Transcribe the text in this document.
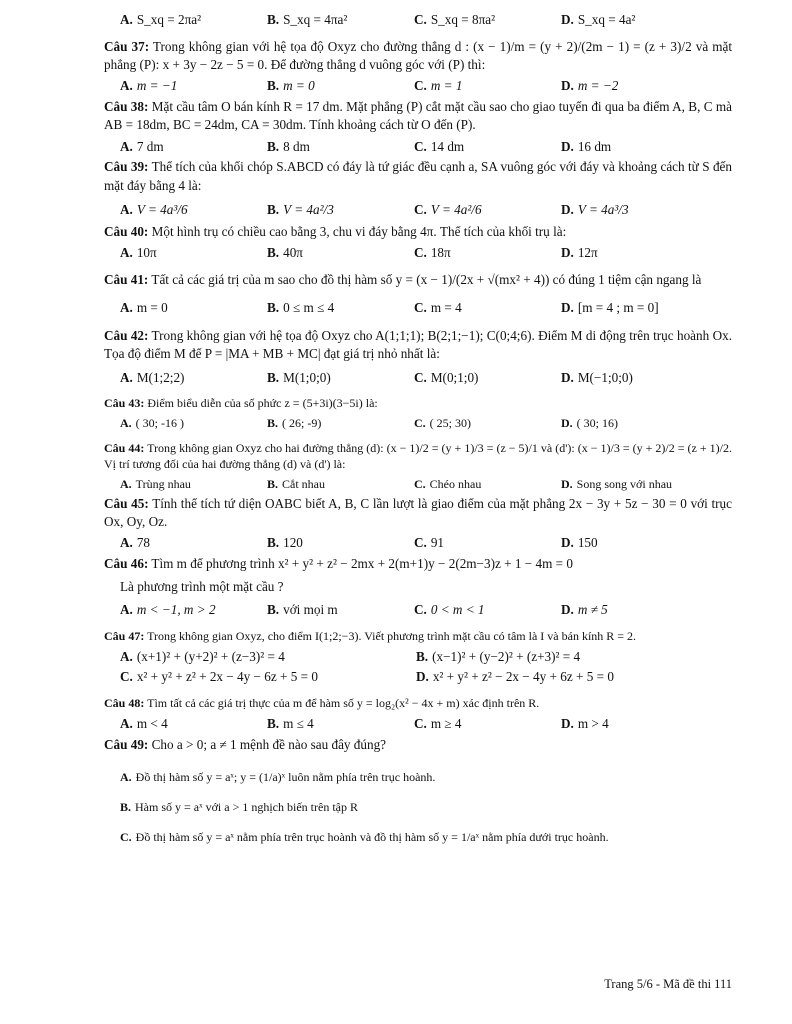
A. S_xq = 2πa²	B. S_xq = 4πa²	C. S_xq = 8πa²	D. S_xq = 4a²
Câu 37: Trong không gian với hệ tọa độ Oxyz cho đường thẳng d : (x − 1)/m = (y + 2)/(2m − 1) = (z + 3)/2 và mặt phẳng (P): x + 3y − 2z − 5 = 0. Để đường thẳng d vuông góc với (P) thì:
A. m = −1	B. m = 0	C. m = 1	D. m = −2
Câu 38: Mặt cầu tâm O bán kính R = 17 dm. Mặt phẳng (P) cắt mặt cầu sao cho giao tuyến đi qua ba điểm A, B, C mà AB = 18dm, BC = 24dm, CA = 30dm. Tính khoảng cách từ O đến (P).
A. 7 dm	B. 8 dm	C. 14 dm	D. 16 dm
Câu 39: Thể tích của khối chóp S.ABCD có đáy là tứ giác đều cạnh a, SA vuông góc với đáy và khoảng cách từ S đến mặt đáy bằng 4 là:
A. V = 4a³/6	B. V = 4a²/3	C. V = 4a²/6	D. V = 4a³/3
Câu 40: Một hình trụ có chiều cao bằng 3, chu vi đáy bằng 4π. Thể tích của khối trụ là:
A. 10π	B. 40π	C. 18π	D. 12π
Câu 41: Tất cả các giá trị của m sao cho đồ thị hàm số y = (x − 1)/(2x + √(mx² + 4)) có đúng 1 tiệm cận ngang là
A. m = 0	B. 0 ≤ m ≤ 4	C. m = 4	D. [m = 4 ; m = 0]
Câu 42: Trong không gian với hệ tọa độ Oxyz cho A(1;1;1); B(2;1;−1); C(0;4;6). Điểm M di động trên trục hoành Ox. Tọa độ điểm M để P = |MA + MB + MC| đạt giá trị nhỏ nhất là:
A. M(1;2;2)	B. M(1;0;0)	C. M(0;1;0)	D. M(−1;0;0)
Câu 43: Điểm biểu diễn của số phức z = (5+3i)(3−5i) là:
A. ( 30; -16 )	B. ( 26; -9)	C. ( 25; 30)	D. ( 30; 16)
Câu 44: Trong không gian Oxyz cho hai đường thẳng (d): (x − 1)/2 = (y + 1)/3 = (z − 5)/1 và (d'): (x − 1)/3 = (y + 2)/2 = (z + 1)/2. Vị trí tương đối của hai đường thẳng (d) và (d') là:
A. Trùng nhau	B. Cắt nhau	C. Chéo nhau	D. Song song với nhau
Câu 45: Tính thể tích tứ diện OABC biết A, B, C lần lượt là giao điểm của mặt phẳng 2x − 3y + 5z − 30 = 0 với trục Ox, Oy, Oz.
A. 78	B. 120	C. 91	D. 150
Câu 46: Tìm m để phương trình x² + y² + z² − 2mx + 2(m+1)y − 2(2m−3)z + 1 − 4m = 0
Là phương trình một mặt cầu ?
A. m < −1, m > 2	B. với mọi m	C. 0 < m < 1	D. m ≠ 5
Câu 47: Trong không gian Oxyz, cho điểm I(1;2;−3). Viết phương trình mặt cầu có tâm là I và bán kính R = 2.
A. (x+1)² + (y+2)² + (z−3)² = 4	B. (x−1)² + (y−2)² + (z+3)² = 4
C. x² + y² + z² + 2x − 4y − 6z + 5 = 0	D. x² + y² + z² − 2x − 4y + 6z + 5 = 0
Câu 48: Tìm tất cả các giá trị thực của m để hàm số y = log₂(x² − 4x + m) xác định trên R.
A. m < 4	B. m ≤ 4	C. m ≥ 4	D. m > 4
Câu 49: Cho a > 0; a ≠ 1 mệnh đề nào sau đây đúng?
A. Đồ thị hàm số y = aˣ; y = (1/a)ˣ luôn nằm phía trên trục hoành.
B. Hàm số y = aˣ với a > 1 nghịch biến trên tập R
C. Đồ thị hàm số y = aˣ nằm phía trên trục hoành và đồ thị hàm số y = 1/aˣ nằm phía dưới trục hoành.
Trang 5/6 - Mã đề thi 111
